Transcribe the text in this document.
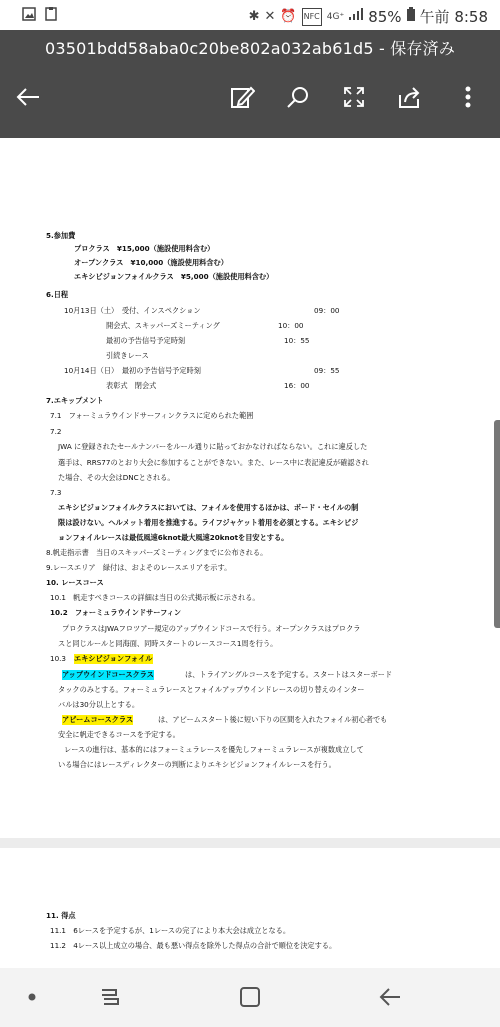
✱ ✕ ⏰ NFC 4G⁺ 85% 午前 8:58
03501bdd58aba0c20be802a032ab61d5 - 保存済み
5.参加費
プロクラス　¥15,000（施設使用料含む）
オープンクラス　¥10,000（施設使用料含む）
エキシビジョンフォイルクラス　¥5,000（施設使用料含む）
6.日程
10月13日（土）　受付、インスペクション	09：00
開会式、スキッパーズミーティング	10：00
最初の予告信号予定時刻	10：55
引続きレース
10月14日（日）　最初の予告信号予定時刻	09：55
表彰式　閉会式	16：00
7.エキップメント
7.1　フォーミュラウインドサーフィンクラスに定められた範囲
7.2
JWA に登録されたセールナンバーをルール通りに貼っておかなければならない。これに違反した
選手は、RRS77のとおり大会に参加することができない。また、レース中に表記違反が確認され
た場合、その大会はDNCとされる。
7.3
エキシビジョンフォイルクラスにおいては、フォイルを使用するほかは、ボード・セイルの制
限は設けない。ヘルメット着用を推進する。ライフジャケット着用を必須とする。エキシビジ
ョンフォイルレースは最低風速6knot最大風速20knotを目安とする。
8.帆走指示書　当日のスキッパーズミーティングまでに公布される。
9.レースエリア　緑付は、およそのレースエリアを示す。
10. レースコース
10.1　帆走すべきコースの詳細は当日の公式掲示板に示される。
10.2　フォーミュラウインドサーフィン
プロクラスはJWAフロツアー規定のアップウインドコースで行う。オープンクラスはプロクラ
スと同じルールと同海面、同時スタートのレースコース1周を行う。
10.3 エキシビジョンフォイル
アップウインドコースクラス	は、トライアングルコースを予定する。スタートはスターボード
タックのみとする。フォーミュラレースとフォイルアップウインドレースの切り替えのインター
バルは30分以上とする。
アビームコースクラス	は、アビームスタート後に短い下りの区間を入れたフォイル初心者でも
安全に帆走できるコースを予定する。
レースの進行は、基本的にはフォーミュラレースを優先しフォーミュラレースが複数成立して
いる場合にはレースディレクターの判断によりエキシビジョンフォイルレースを行う。
11. 得点
11.1　6レースを予定するが、1レースの完了により本大会は成立となる。
11.2　4レース以上成立の場合、最も悪い得点を除外した得点の合計で順位を決定する。
